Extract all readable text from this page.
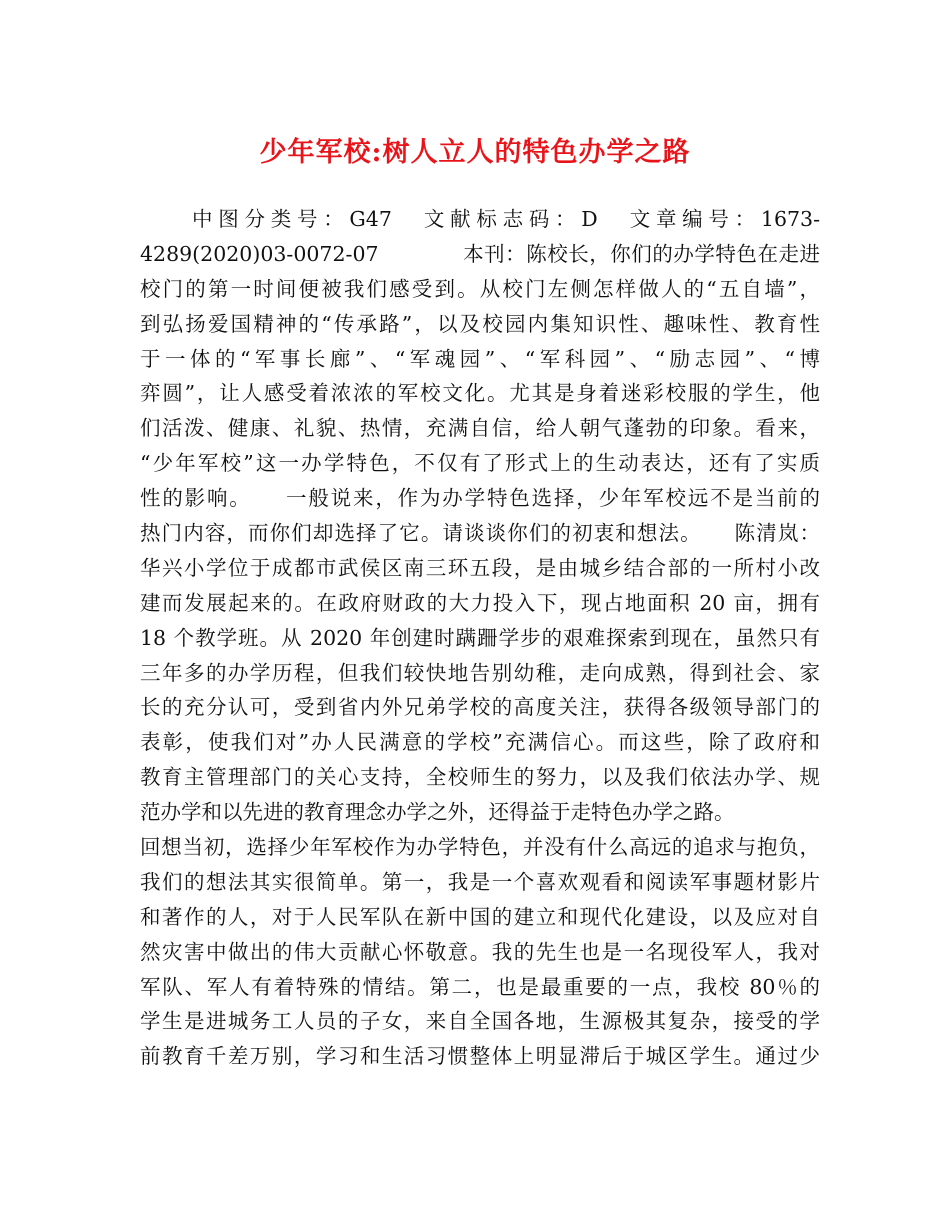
少年军校:树人立人的特色办学之路
中图分类号：G47　文献标志码：D　文章编号：1673-
4289(2020)03-0072-07　　　　本刊：陈校长，你们的办学特色在走进
校门的第一时间便被我们感受到。从校门左侧怎样做人的“五自墙”，
到弘扬爱国精神的“传承路”，以及校园内集知识性、趣味性、教育性
于一体的“军事长廊”、“军魂园”、“军科园”、“励志园”、“博
弈圆”，让人感受着浓浓的军校文化。尤其是身着迷彩校服的学生，他
们活泼、健康、礼貌、热情，充满自信，给人朝气蓬勃的印象。看来，
“少年军校”这一办学特色，不仅有了形式上的生动表达，还有了实质
性的影响。　　一般说来，作为办学特色选择，少年军校远不是当前的
热门内容，而你们却选择了它。请谈谈你们的初衷和想法。　　陈清岚：
华兴小学位于成都市武侯区南三环五段，是由城乡结合部的一所村小改
建而发展起来的。在政府财政的大力投入下，现占地面积 20 亩，拥有
18 个教学班。从 2020 年创建时蹒跚学步的艰难探索到现在，虽然只有
三年多的办学历程，但我们较快地告别幼稚，走向成熟，得到社会、家
长的充分认可，受到省内外兄弟学校的高度关注，获得各级领导部门的
表彰，使我们对”办人民满意的学校”充满信心。而这些，除了政府和
教育主管理部门的关心支持，全校师生的努力，以及我们依法办学、规
范办学和以先进的教育理念办学之外，还得益于走特色办学之路。
回想当初，选择少年军校作为办学特色，并没有什么高远的追求与抱负，
我们的想法其实很简单。第一，我是一个喜欢观看和阅读军事题材影片
和著作的人，对于人民军队在新中国的建立和现代化建设，以及应对自
然灾害中做出的伟大贡献心怀敬意。我的先生也是一名现役军人，我对
军队、军人有着特殊的情结。第二，也是最重要的一点，我校 80％的
学生是进城务工人员的子女，来自全国各地，生源极其复杂，接受的学
前教育千差万别，学习和生活习惯整体上明显滞后于城区学生。通过少
